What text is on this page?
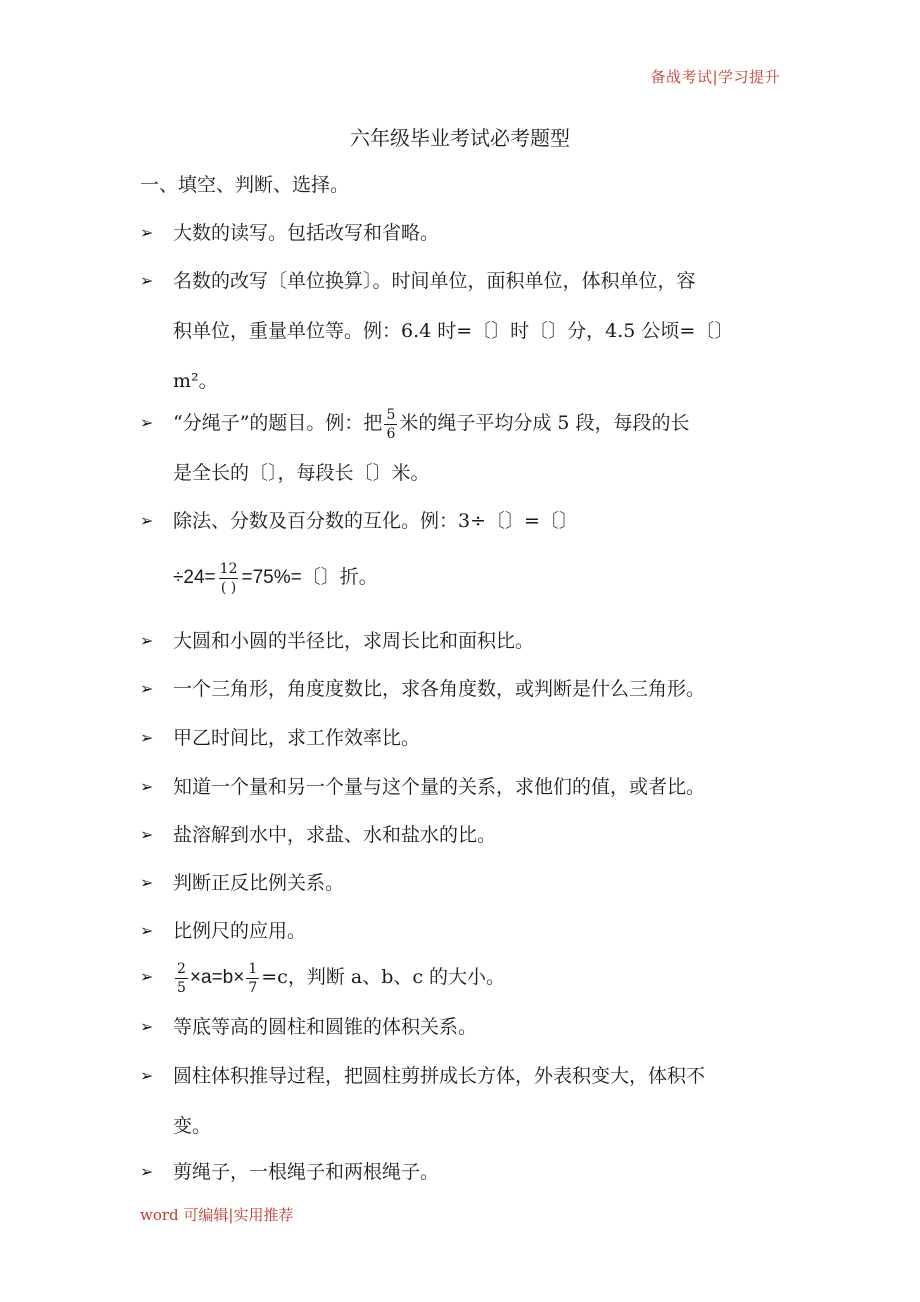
备战考试|学习提升
六年级毕业考试必考题型
一、填空、判断、选择。
➢	大数的读写。包括改写和省略。
➢	名数的改写〔单位换算〕。时间单位，面积单位，体积单位，容
积单位，重量单位等。例：6.4 时=〔〕时〔〕分，4.5 公顷=〔〕
m²。
➢	“分绳子”的题目。例：把 $\frac{5}{6}$ 米的绳子平均分成 5 段，每段的长
是全长的〔〕，每段长〔〕米。
➢	除法、分数及百分数的互化。例：3÷〔〕=〔〕
$\div 24= \frac{12}{( )} =75\%=$〔〕折。
➢	大圆和小圆的半径比，求周长比和面积比。
➢	一个三角形，角度度数比，求各角度数，或判断是什么三角形。
➢	甲乙时间比，求工作效率比。
➢	知道一个量和另一个量与这个量的关系，求他们的值，或者比。
➢	盐溶解到水中，求盐、水和盐水的比。
➢	判断正反比例关系。
➢	比例尺的应用。
➢	$\frac{2}{5} \times a=b\times \frac{1}{7} =c$，判断 a、b、c 的大小。
➢	等底等高的圆柱和圆锥的体积关系。
➢	圆柱体积推导过程，把圆柱剪拼成长方体，外表积变大，体积不
变。
➢	剪绳子，一根绳子和两根绳子。
word 可编辑|实用推荐
